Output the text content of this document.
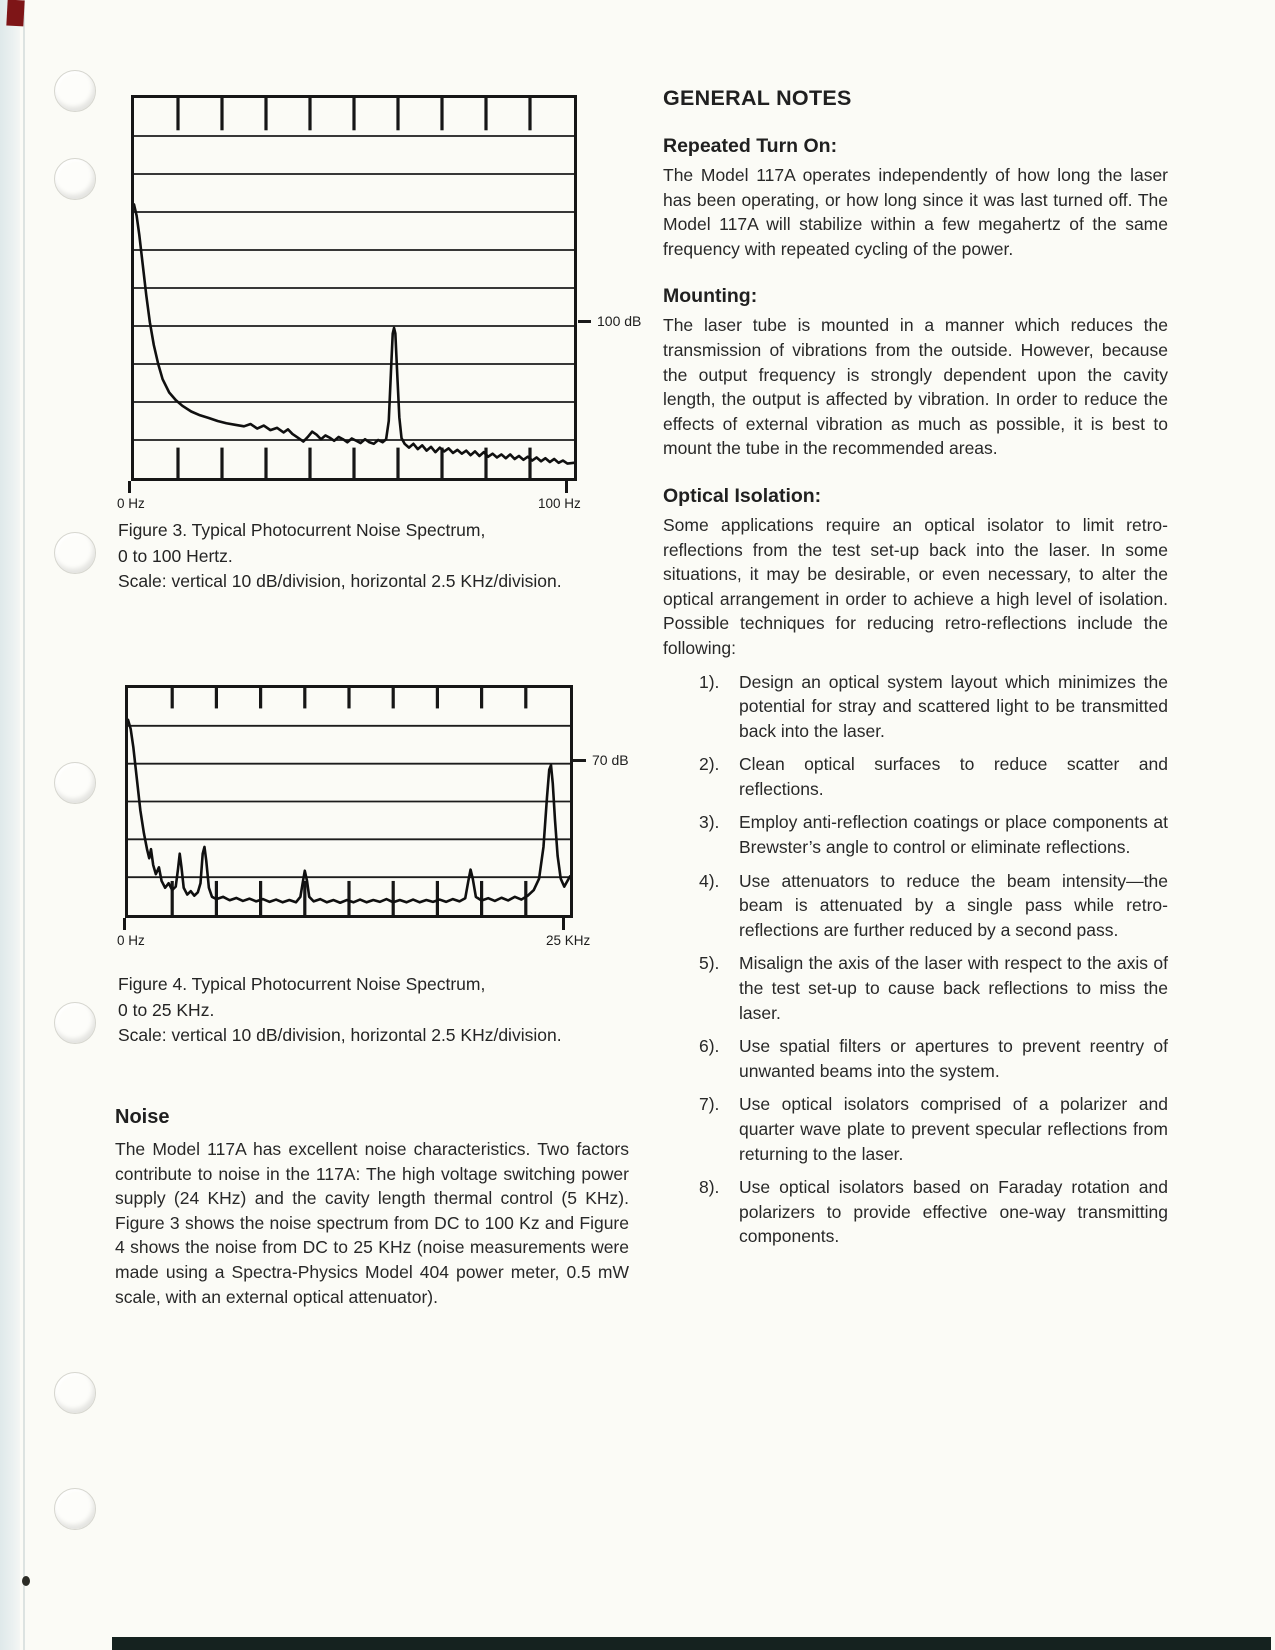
100 dB
0 Hz	100 Hz
Figure 3. Typical Photocurrent Noise Spectrum,
0 to 100 Hertz.
Scale: vertical 10 dB/division, horizontal 2.5 KHz/division.
70 dB
0 Hz	25 KHz
Figure 4. Typical Photocurrent Noise Spectrum,
0 to 25 KHz.
Scale: vertical 10 dB/division, horizontal 2.5 KHz/division.
Noise

The Model 117A has excellent noise characteristics. Two factors contribute to noise in the 117A: The high voltage switching power supply (24 KHz) and the cavity length thermal control (5 KHz). Figure 3 shows the noise spectrum from DC to 100 Kz and Figure 4 shows the noise from DC to 25 KHz (noise measurements were made using a Spectra-Physics Model 404 power meter, 0.5 mW scale, with an external optical attenuator).

GENERAL NOTES
Repeated Turn On:

The Model 117A operates independently of how long the laser has been operating, or how long since it was last turned off. The Model 117A will stabilize within a few megahertz of the same frequency with repeated cycling of the power.

Mounting:

The laser tube is mounted in a manner which reduces the transmission of vibrations from the outside. However, because the output frequency is strongly dependent upon the cavity length, the output is affected by vibration. In order to reduce the effects of external vibration as much as possible, it is best to mount the tube in the recommended areas.

Optical Isolation:

Some applications require an optical isolator to limit retro-reflections from the test set-up back into the laser. In some situations, it may be desirable, or even necessary, to alter the optical arrangement in order to achieve a high level of isolation. Possible techniques for reducing retro-reflections include the following:

1).	Design an optical system layout which minimizes the potential for stray and scattered light to be transmitted back into the laser.
2).	Clean optical surfaces to reduce scatter and reflections.
3).	Employ anti-reflection coatings or place components at Brewster’s angle to control or eliminate reflections.
4).	Use attenuators to reduce the beam intensity—the beam is attenuated by a single pass while retro-reflections are further reduced by a second pass.
5).	Misalign the axis of the laser with respect to the axis of the test set-up to cause back reflections to miss the laser.
6).	Use spatial filters or apertures to prevent reentry of unwanted beams into the system.
7).	Use optical isolators comprised of a polarizer and quarter wave plate to prevent specular reflections from returning to the laser.
8).	Use optical isolators based on Faraday rotation and polarizers to provide effective one-way transmitting components.
